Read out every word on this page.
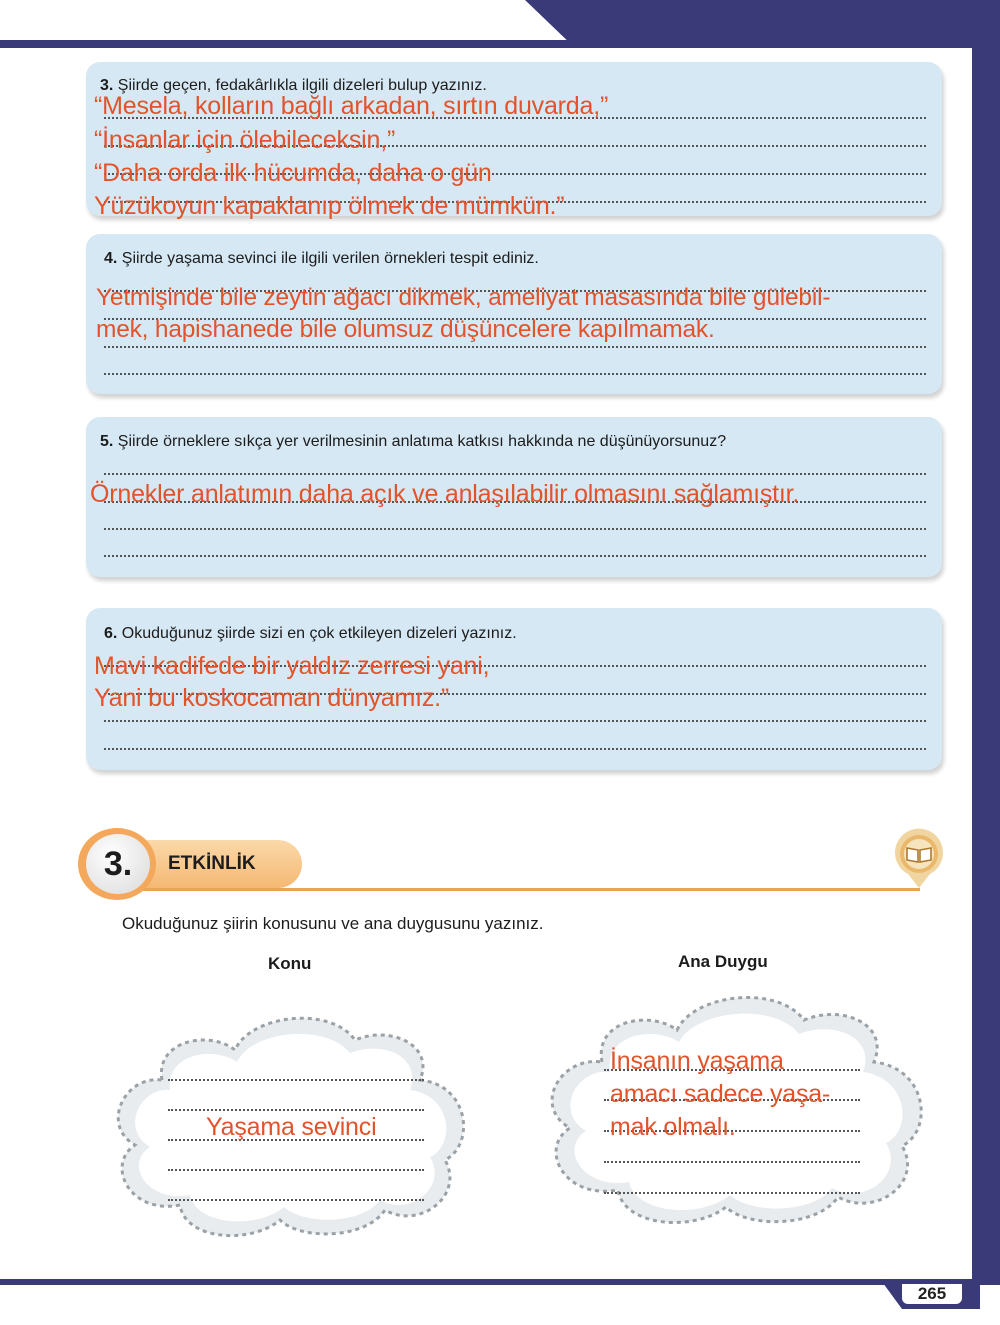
265
3. Şiirde geçen, fedakârlıkla ilgili dizeleri bulup yazınız.
“Mesela, kolların bağlı arkadan, sırtın duvarda,”
“İnsanlar için ölebileceksin,”
“Daha orda ilk hücumda, daha o gün
Yüzükoyun kapaklanıp ölmek de mümkün.”
4. Şiirde yaşama sevinci ile ilgili verilen örnekleri tespit ediniz.
Yetmişinde bile zeytin ağacı dikmek, ameliyat masasında bile gülebil-
mek, hapishanede bile olumsuz düşüncelere kapılmamak.
5. Şiirde örneklere sıkça yer verilmesinin anlatıma katkısı hakkında ne düşünüyorsunuz?
Örnekler anlatımın daha açık ve anlaşılabilir olmasını sağlamıştır.
6. Okuduğunuz şiirde sizi en çok etkileyen dizeleri yazınız.
Mavi kadifede bir yaldız zerresi yani,
Yani bu koskocaman dünyamız.”
3.	ETKİNLİK
Okuduğunuz şiirin konusunu ve ana duygusunu yazınız.
Konu	Ana Duygu
Yaşama sevinci
İnsanın yaşama
amacı sadece yaşa-
mak olmalı.
